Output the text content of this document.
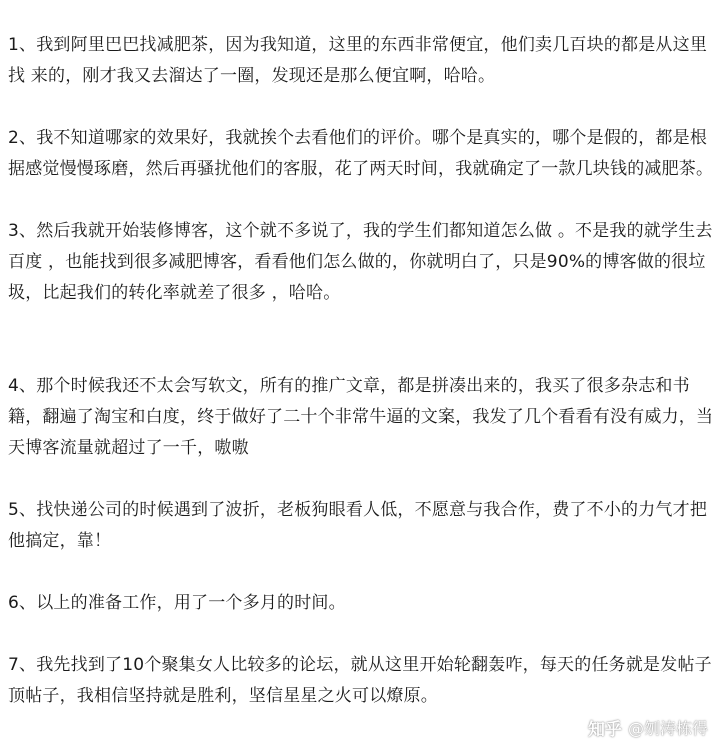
1、我到阿里巴巴找减肥茶，因为我知道，这里的东西非常便宜，他们卖几百块的都是从这里找 来的，刚才我又去溜达了一圈，发现还是那么便宜啊，哈哈。

2、我不知道哪家的效果好，我就挨个去看他们的评价。哪个是真实的，哪个是假的，都是根据感觉慢慢琢磨，然后再骚扰他们的客服，花了两天时间，我就确定了一款几块钱的减肥茶。

3、然后我就开始装修博客，这个就不多说了，我的学生们都知道怎么做 。不是我的就学生去百度 ，也能找到很多减肥博客，看看他们怎么做的，你就明白了，只是90%的博客做的很垃圾，比起我们的转化率就差了很多 ，哈哈。

4、那个时候我还不太会写软文，所有的推广文章，都是拼凑出来的，我买了很多杂志和书籍，翻遍了淘宝和白度，终于做好了二十个非常牛逼的文案，我发了几个看看有没有威力，当天博客流量就超过了一千，嗷嗷

5、找快递公司的时候遇到了波折，老板狗眼看人低，不愿意与我合作，费了不小的力气才把他搞定，靠！

6、以上的准备工作，用了一个多月的时间。

7、我先找到了10个聚集女人比较多的论坛，就从这里开始轮翻轰咋，每天的任务就是发帖子顶帖子，我相信坚持就是胜利，坚信星星之火可以燎原。

知乎 @刎涛栋得
